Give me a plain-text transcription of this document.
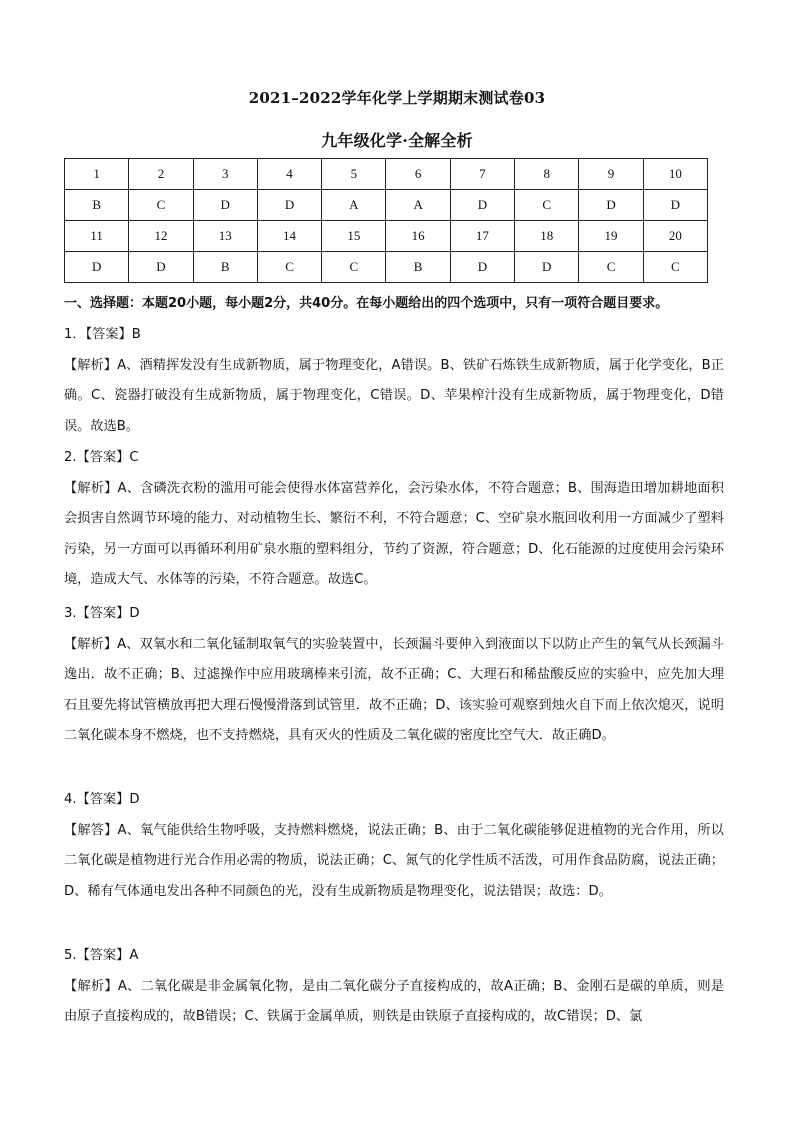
2021–2022学年化学上学期期末测试卷03
九年级化学·全解全析
1	2	3	4	5	6	7	8	9	10
B	C	D	D	A	A	D	C	D	D
11	12	13	14	15	16	17	18	19	20
D	D	B	C	C	B	D	D	C	C
一、选择题：本题20小题，每小题2分，共40分。在每小题给出的四个选项中，只有一项符合题目要求。

1．【答案】B

【解析】A、酒精挥发没有生成新物质，属于物理变化，A错误。B、铁矿石炼铁生成新物质，属于化学变化，B正确。C、瓷器打破没有生成新物质，属于物理变化，C错误。D、苹果榨汁没有生成新物质，属于物理变化，D错误。故选B。

2.【答案】C

【解析】A、含磷洗衣粉的滥用可能会使得水体富营养化，会污染水体，不符合题意；B、围海造田增加耕地面积会损害自然调节环境的能力、对动植物生长、繁衍不利，不符合题意；C、空矿泉水瓶回收利用一方面减少了塑料污染，另一方面可以再循环利用矿泉水瓶的塑料组分，节约了资源，符合题意；D、化石能源的过度使用会污染环境，造成大气、水体等的污染，不符合题意。故选C。

3.【答案】D

【解析】A、双氧水和二氧化锰制取氧气的实验装置中，长颈漏斗要伸入到液面以下以防止产生的氧气从长颈漏斗逸出．故不正确；B、过滤操作中应用玻璃棒来引流，故不正确；C、大理石和稀盐酸反应的实验中，应先加大理石且要先将试管横放再把大理石慢慢滑落到试管里．故不正确；D、该实验可观察到烛火自下而上依次熄灭，说明二氧化碳本身不燃烧，也不支持燃烧，具有灭火的性质及二氧化碳的密度比空气大．故正确D。

4.【答案】D

【解答】A、氧气能供给生物呼吸，支持燃料燃烧，说法正确；B、由于二氧化碳能够促进植物的光合作用，所以二氧化碳是植物进行光合作用必需的物质，说法正确；C、氮气的化学性质不活泼，可用作食品防腐，说法正确；D、稀有气体通电发出各种不同颜色的光，没有生成新物质是物理变化，说法错误；故选：D。

5.【答案】A

【解析】A、二氧化碳是非金属氧化物，是由二氧化碳分子直接构成的，故A正确；B、金刚石是碳的单质，则是由原子直接构成的，故B错误；C、铁属于金属单质，则铁是由铁原子直接构成的，故C错误；D、氯
